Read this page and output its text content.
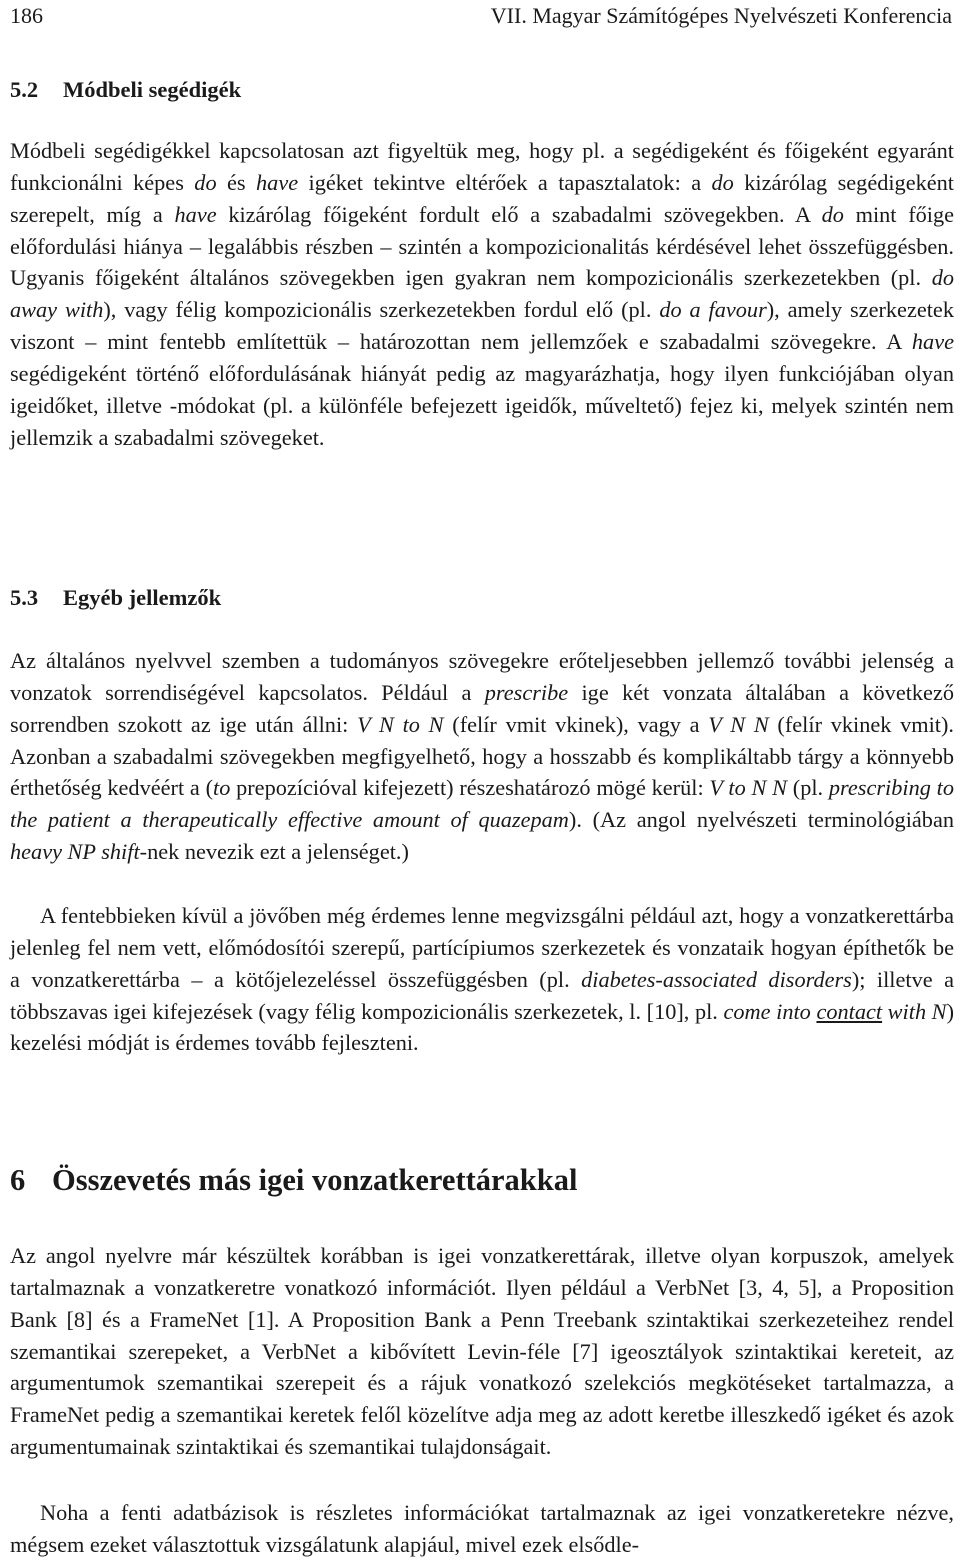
186	VII. Magyar Számítógépes Nyelvészeti Konferencia
5.2 Módbeli segédigék

Módbeli segédigékkel kapcsolatosan azt figyeltük meg, hogy pl. a segédigeként és főigeként egyaránt funkcionálni képes do és have igéket tekintve eltérőek a tapasztalatok: a do kizárólag segédigeként szerepelt, míg a have kizárólag főigeként fordult elő a szabadalmi szövegekben. A do mint főige előfordulási hiánya – legalábbis részben – szintén a kompozicionalitás kérdésével lehet összefüggésben. Ugyanis főigeként általános szövegekben igen gyakran nem kompozicionális szerkezetekben (pl. do away with), vagy félig kompozicionális szerkezetekben fordul elő (pl. do a favour), amely szerkezetek viszont – mint fentebb említettük – határozottan nem jellemzőek e szabadalmi szövegekre. A have segédigeként történő előfordulásának hiányát pedig az magyarázhatja, hogy ilyen funkciójában olyan igeidőket, illetve -módokat (pl. a különféle befejezett igeidők, műveltető) fejez ki, melyek szintén nem jellemzik a szabadalmi szövegeket.

5.3 Egyéb jellemzők

Az általános nyelvvel szemben a tudományos szövegekre erőteljesebben jellemző további jelenség a vonzatok sorrendiségével kapcsolatos. Például a prescribe ige két vonzata általában a következő sorrendben szokott az ige után állni: V N to N (felír vmit vkinek), vagy a V N N (felír vkinek vmit). Azonban a szabadalmi szövegekben megfigyelhető, hogy a hosszabb és komplikáltabb tárgy a könnyebb érthetőség kedvéért a (to prepozícióval kifejezett) részeshatározó mögé kerül: V to N N (pl. prescribing to the patient a therapeutically effective amount of quazepam). (Az angol nyelvészeti terminológiában heavy NP shift-nek nevezik ezt a jelenséget.)

A fentebbieken kívül a jövőben még érdemes lenne megvizsgálni például azt, hogy a vonzatkerettárba jelenleg fel nem vett, előmódosítói szerepű, partícípiumos szerkezetek és vonzataik hogyan építhetők be a vonzatkerettárba – a kötőjelezeléssel összefüggésben (pl. diabetes-associated disorders); illetve a többszavas igei kifejezések (vagy félig kompozicionális szerkezetek, l. [10], pl. come into contact with N) kezelési módját is érdemes tovább fejleszteni.

6 Összevetés más igei vonzatkerettárakkal

Az angol nyelvre már készültek korábban is igei vonzatkerettárak, illetve olyan korpuszok, amelyek tartalmaznak a vonzatkeretre vonatkozó információt. Ilyen például a VerbNet [3, 4, 5], a Proposition Bank [8] és a FrameNet [1]. A Proposition Bank a Penn Treebank szintaktikai szerkezeteihez rendel szemantikai szerepeket, a VerbNet a kibővített Levin-féle [7] igeosztályok szintaktikai kereteit, az argumentumok szemantikai szerepeit és a rájuk vonatkozó szelekciós megkötéseket tartalmazza, a FrameNet pedig a szemantikai keretek felől közelítve adja meg az adott keretbe illeszkedő igéket és azok argumentumainak szintaktikai és szemantikai tulajdonságait.

Noha a fenti adatbázisok is részletes információkat tartalmaznak az igei vonzatkeretekre nézve, mégsem ezeket választottuk vizsgálatunk alapjául, mivel ezek elsődle-
